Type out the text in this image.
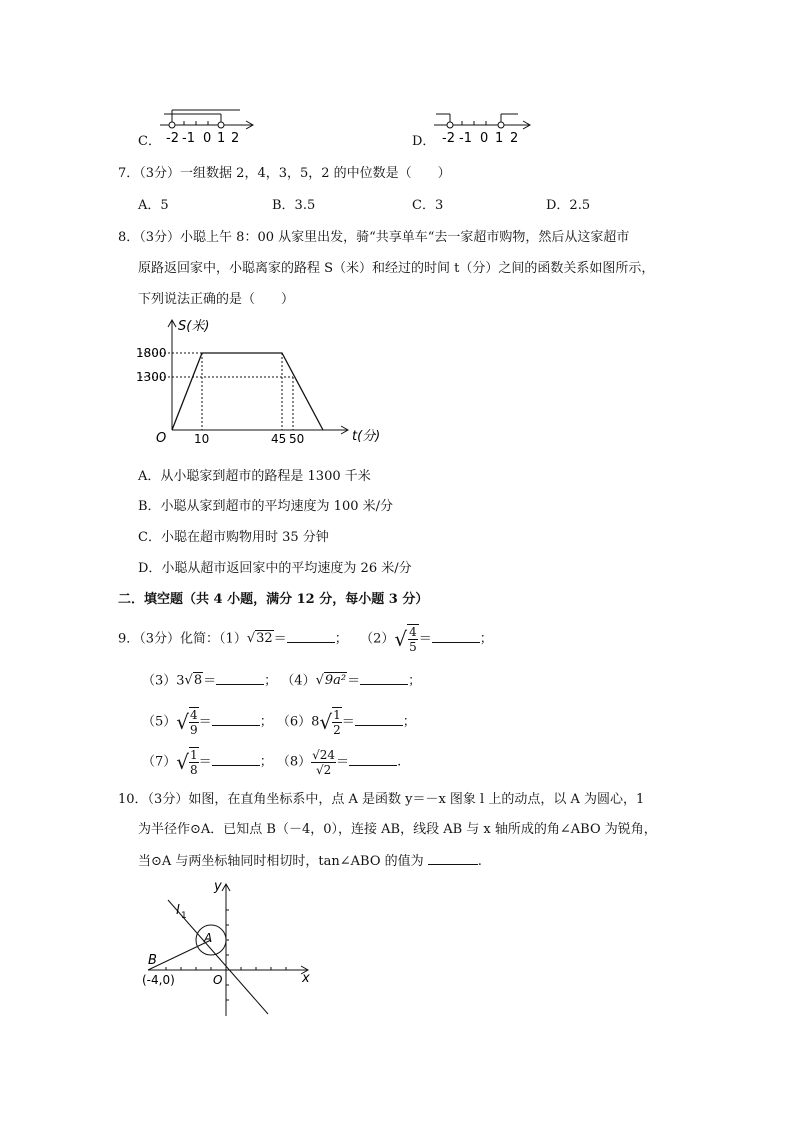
C． -2 -1 0 1 2	D． -2 -1 0 1 2
7．（3分）一组数据 2，4，3，5，2 的中位数是（　　）
A．5	B．3.5	C．3	D．2.5
8．（3分）小聪上午 8：00 从家里出发，骑“共享单车“去一家超市购物，然后从这家超市
原路返回家中，小聪离家的路程 S（米）和经过的时间 t（分）之间的函数关系如图所示，
下列说法正确的是（　　）
S(米)
1800
1300
O 10	45 50	t(分)
A．从小聪家到超市的路程是 1300 千米
B．小聪从家到超市的平均速度为 100 米/分
C．小聪在超市购物用时 35 分钟
D．小聪从超市返回家中的平均速度为 26 米/分
二．填空题（共 4 小题，满分 12 分，每小题 3 分）
9．（3分）化简：（1）√32＝	； $(2)√ \frac{4}{5}$ ＝	；
（3）3√8＝	； （4）√9a²＝	；
$(5)√ \frac{4}{9}$ ＝	； $(6)8√ \frac{1}{2}$ ＝	；
$(7)√ \frac{1}{8}$ ＝	； $(8) \frac{√24}{√2}$ ＝	.
10．（3分）如图，在直角坐标系中，点 A 是函数 y＝－x 图象 l 上的动点，以 A 为圆心，1
为半径作⊙A．已知点 B（－4，0），连接 AB，线段 AB 与 x 轴所成的角∠ABO 为锐角，
当⊙A 与两坐标轴同时相切时，tan∠ABO 的值为	.
l 1
A
B
(-4,0)	O	x
y
